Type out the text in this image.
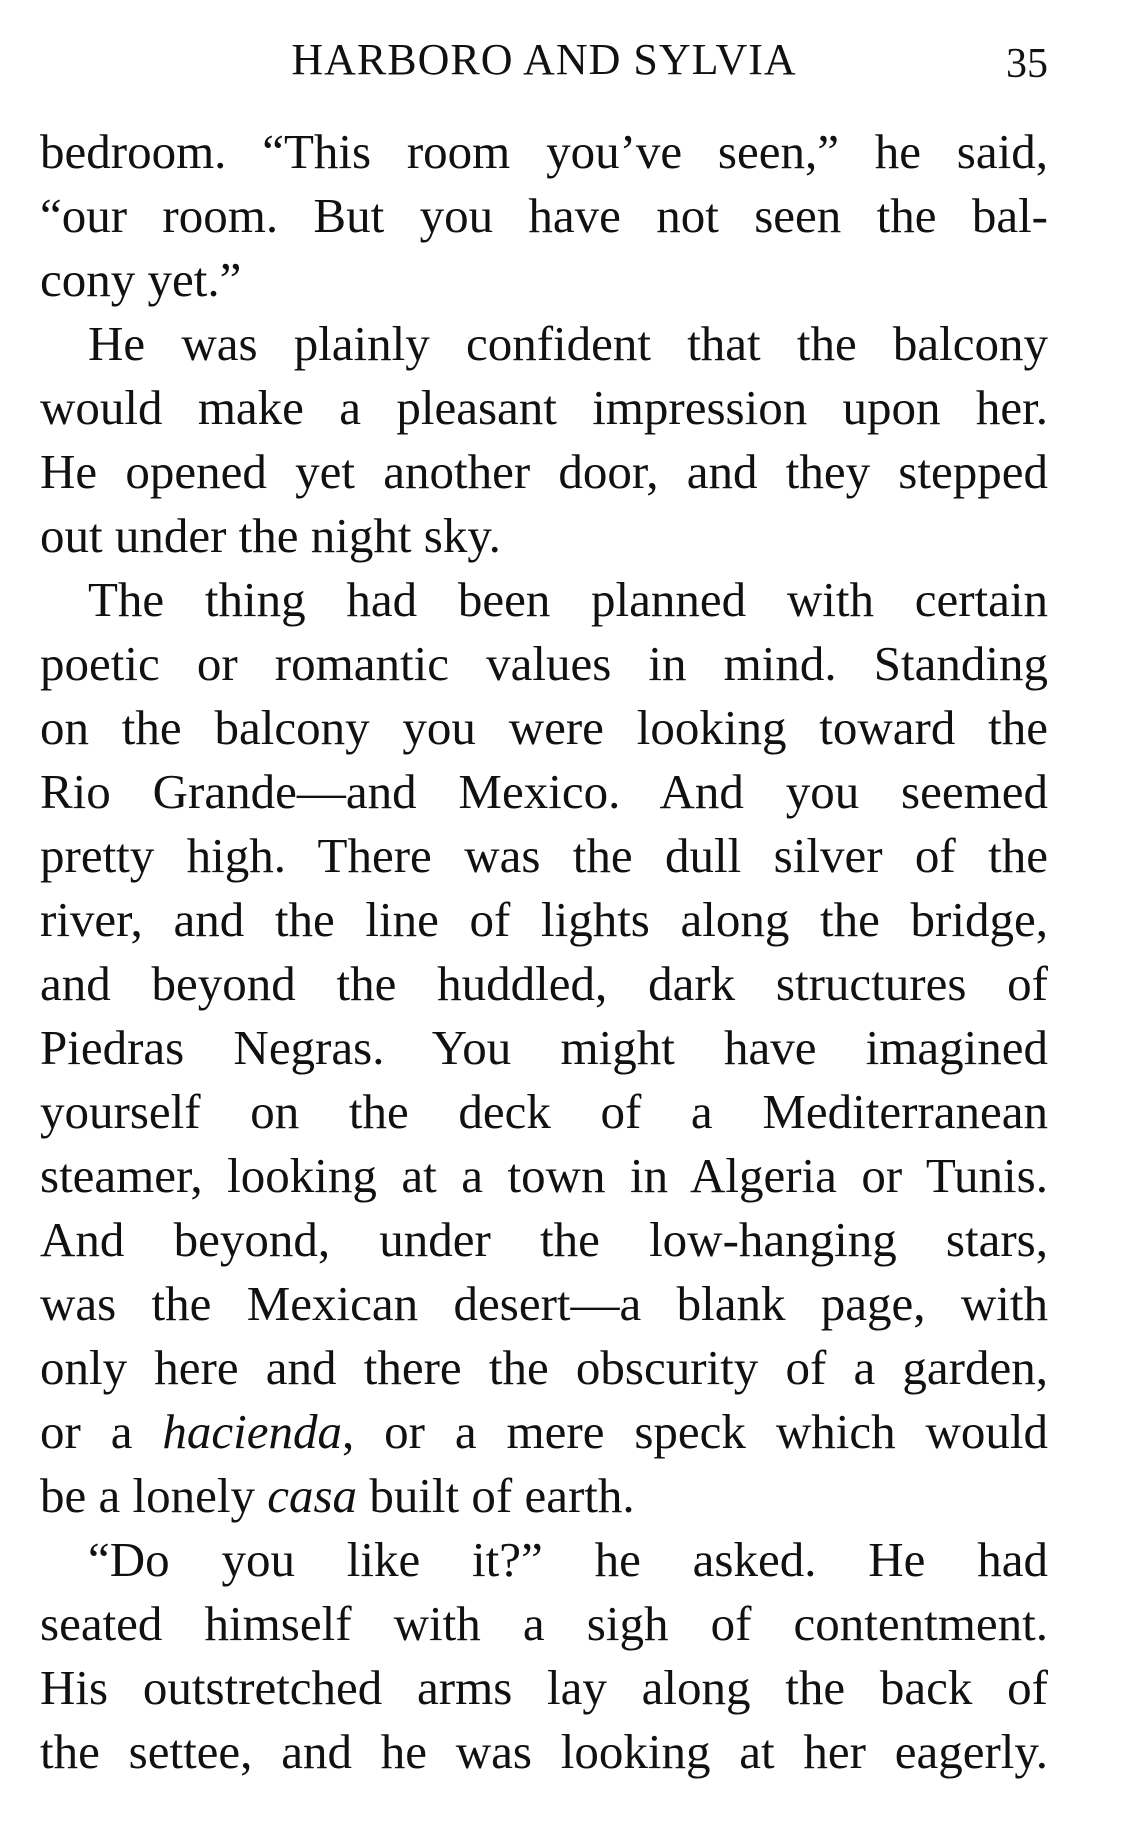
HARBORO AND SYLVIA	35

bedroom. “This room you’ve seen,” he said,
“our room. But you have not seen the bal-
cony yet.”

He was plainly confident that the balcony
would make a pleasant impression upon her.
He opened yet another door, and they stepped
out under the night sky.

The thing had been planned with certain
poetic or romantic values in mind. Standing
on the balcony you were looking toward the
Rio Grande—and Mexico. And you seemed
pretty high. There was the dull silver of the
river, and the line of lights along the bridge,
and beyond the huddled, dark structures of
Piedras Negras. You might have imagined
yourself on the deck of a Mediterranean
steamer, looking at a town in Algeria or Tunis.
And beyond, under the low-hanging stars,
was the Mexican desert—a blank page, with
only here and there the obscurity of a garden,
or a hacienda, or a mere speck which would
be a lonely casa built of earth.

“Do you like it?” he asked. He had
seated himself with a sigh of contentment.
His outstretched arms lay along the back of
the settee, and he was looking at her eagerly.
